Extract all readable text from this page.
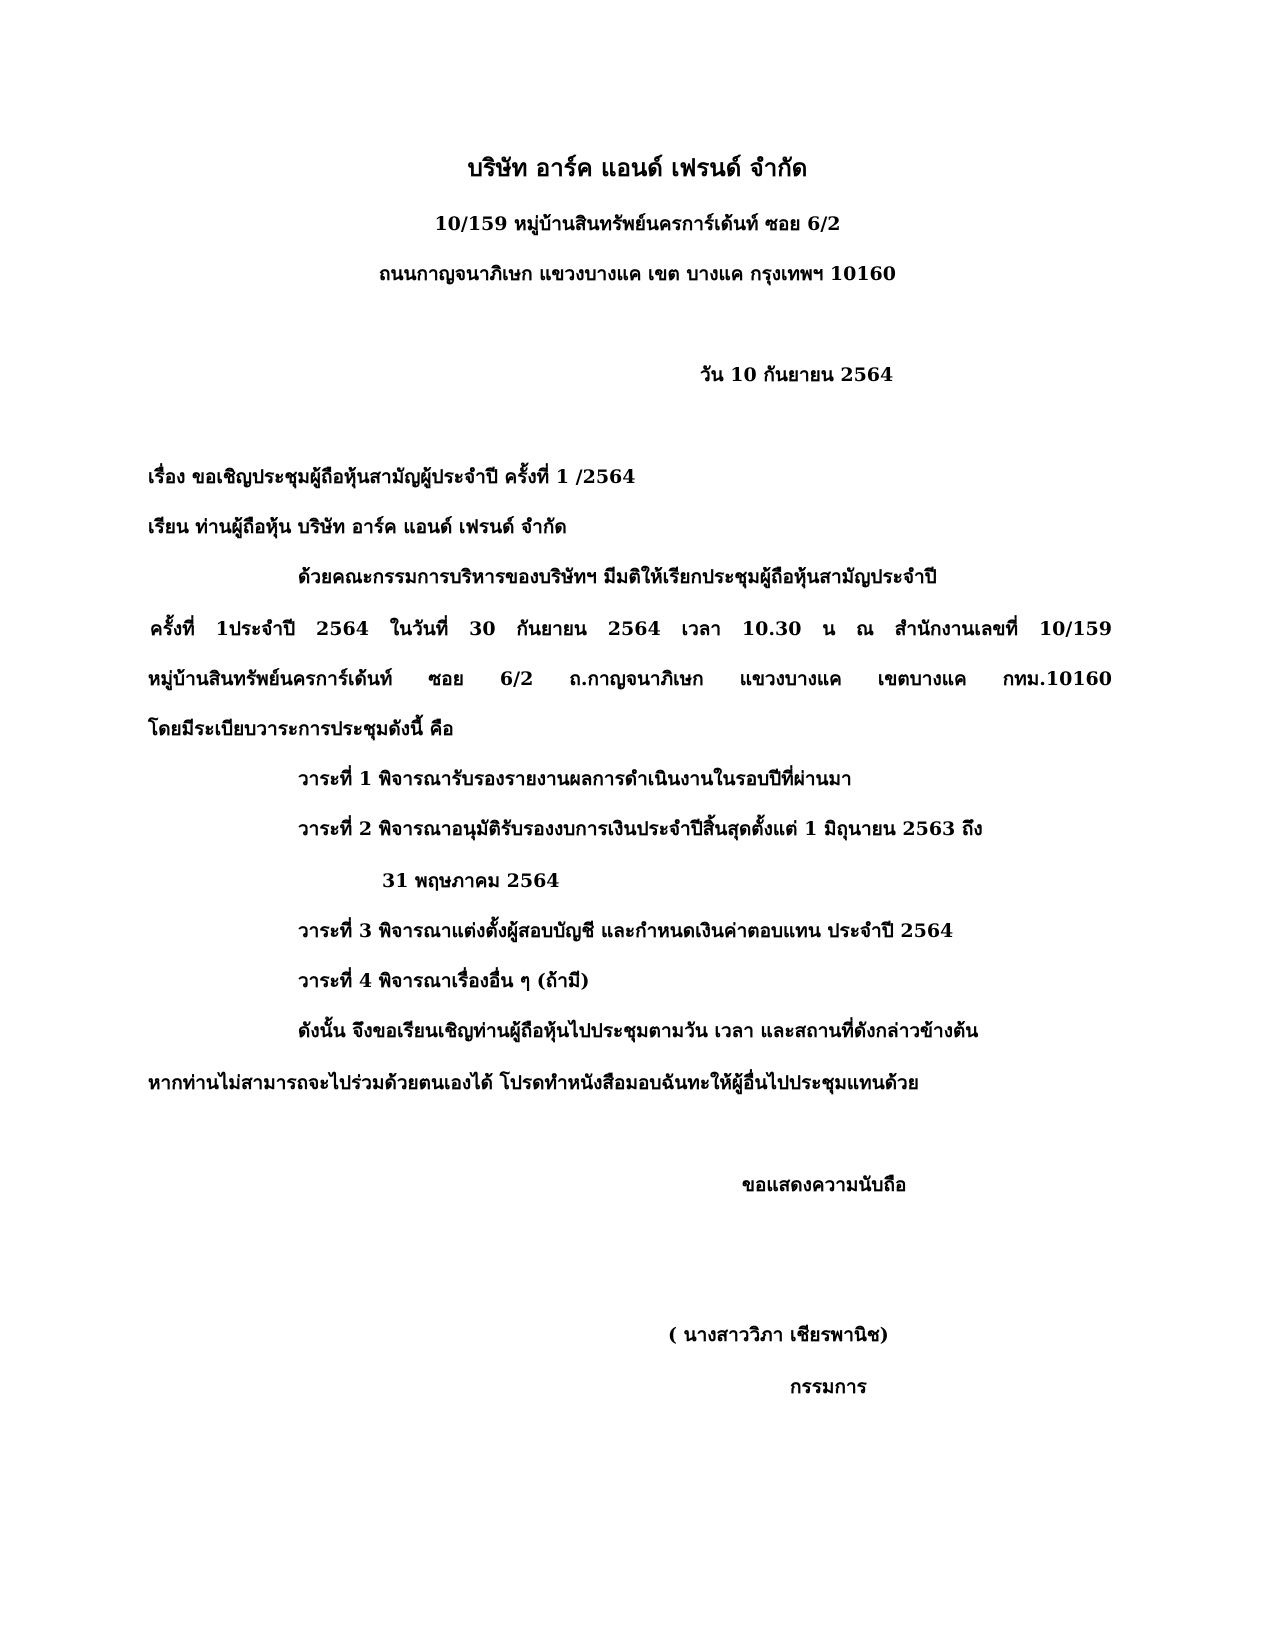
บริษัท อาร์ค แอนด์ เฟรนด์ จำกัด
10/159 หมู่บ้านสินทรัพย์นครการ์เด้นท์ ซอย 6/2
ถนนกาญจนาภิเษก แขวงบางแค เขต บางแค กรุงเทพฯ 10160
วัน 10 กันยายน 2564
เรื่อง ขอเชิญประชุมผู้ถือหุ้นสามัญผู้ประจำปี ครั้งที่ 1 /2564
เรียน ท่านผู้ถือหุ้น บริษัท อาร์ค แอนด์ เฟรนด์ จำกัด
ด้วยคณะกรรมการบริหารของบริษัทฯ มีมติให้เรียกประชุมผู้ถือหุ้นสามัญประจำปี
ครั้งที่ 1ประจำปี 2564 ในวันที่ 30 กันยายน 2564 เวลา 10.30 น ณ สำนักงานเลขที่ 10/159
หมู่บ้านสินทรัพย์นครการ์เด้นท์ ซอย 6/2 ถ.กาญจนาภิเษก แขวงบางแค เขตบางแค กทม.10160
โดยมีระเบียบวาระการประชุมดังนี้ คือ
วาระที่ 1 พิจารณารับรองรายงานผลการดำเนินงานในรอบปีที่ผ่านมา
วาระที่ 2 พิจารณาอนุมัติรับรองงบการเงินประจำปีสิ้นสุดตั้งแต่ 1 มิถุนายน 2563 ถึง
31 พฤษภาคม 2564
วาระที่ 3 พิจารณาแต่งตั้งผู้สอบบัญชี และกำหนดเงินค่าตอบแทน ประจำปี 2564
วาระที่ 4 พิจารณาเรื่องอื่น ๆ (ถ้ามี)
ดังนั้น จึงขอเรียนเชิญท่านผู้ถือหุ้นไปประชุมตามวัน เวลา และสถานที่ดังกล่าวข้างต้น
หากท่านไม่สามารถจะไปร่วมด้วยตนเองได้ โปรดทำหนังสือมอบฉันทะให้ผู้อื่นไปประชุมแทนด้วย
ขอแสดงความนับถือ
( นางสาววิภา เชียรพานิช)
กรรมการ
